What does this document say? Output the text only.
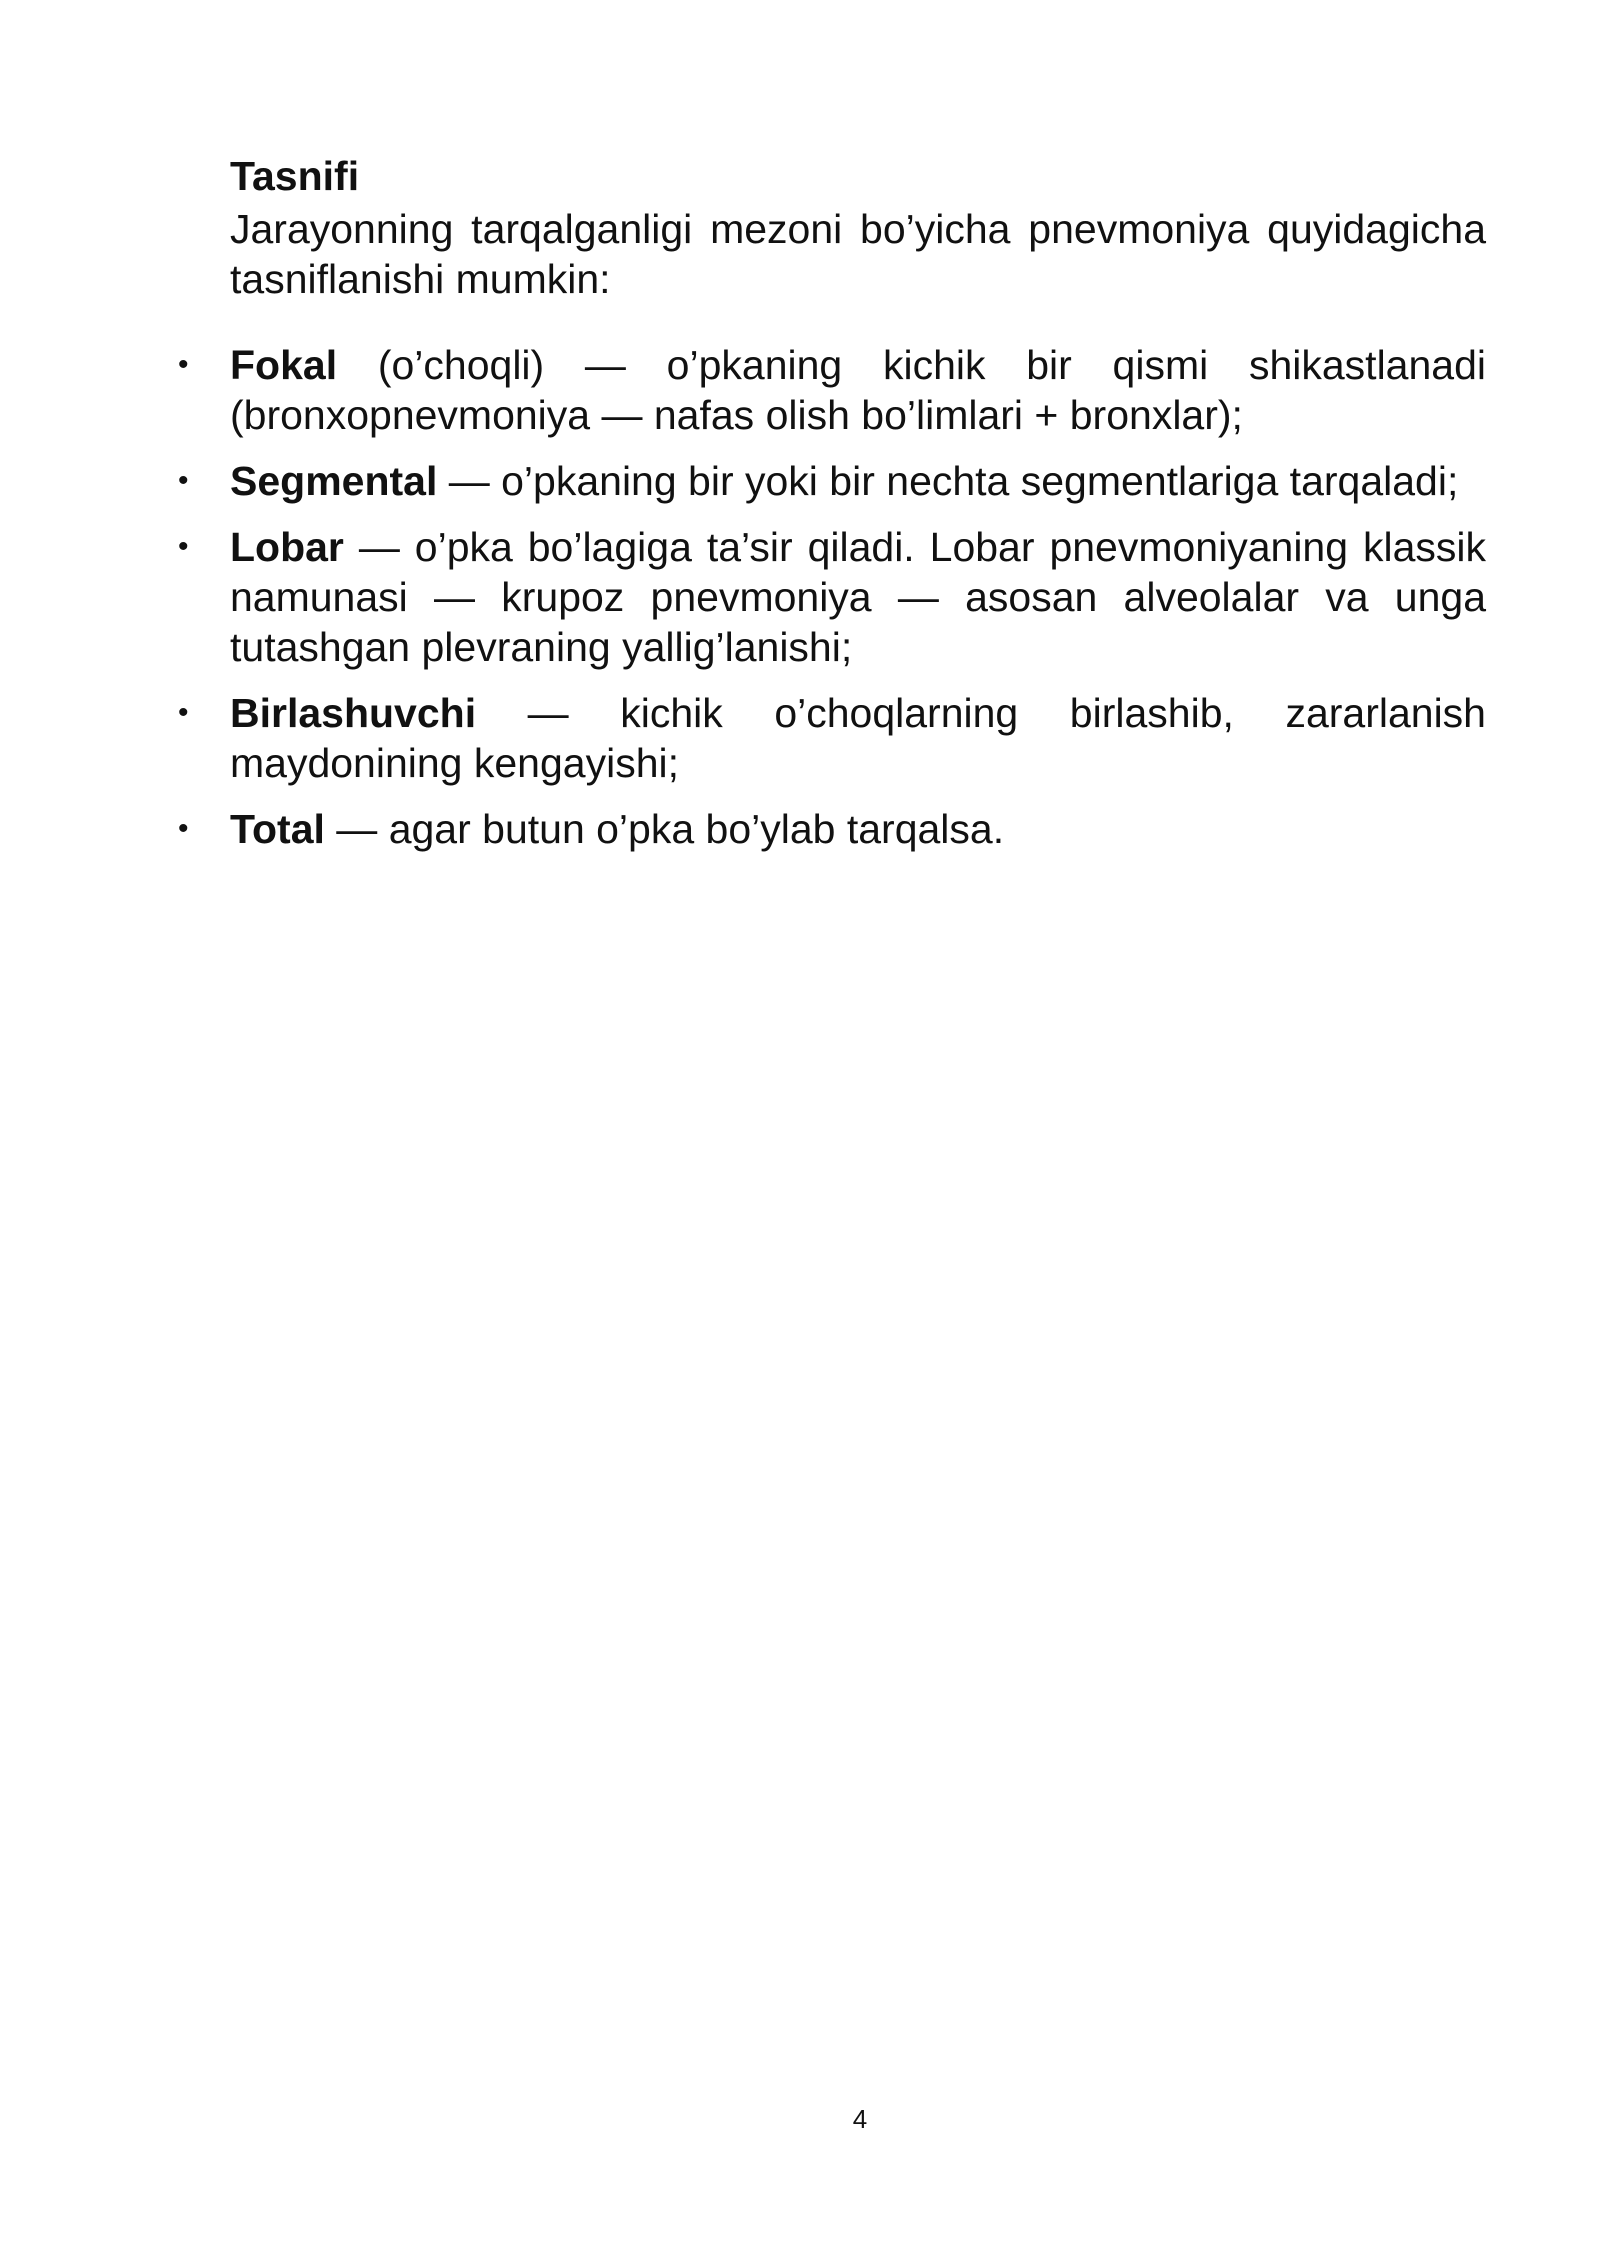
Tasnifi

Jarayonning tarqalganligi mezoni bo’yicha pnevmoniya quyidagicha tasniflanishi mumkin:

• Fokal (o’choqli) — o’pkaning kichik bir qismi shikastlanadi (bronxopnevmoniya — nafas olish bo’limlari + bronxlar);
• Segmental — o’pkaning bir yoki bir nechta segmentlariga tarqaladi;
• Lobar — o’pka bo’lagiga ta’sir qiladi. Lobar pnevmoniyaning klassik namunasi — krupoz pnevmoniya — asosan alveolalar va unga tutashgan plevraning yallig’lanishi;
• Birlashuvchi — kichik o’choqlarning birlashib, zararlanish maydonining kengayishi;
• Total — agar butun o’pka bo’ylab tarqalsa.
4
